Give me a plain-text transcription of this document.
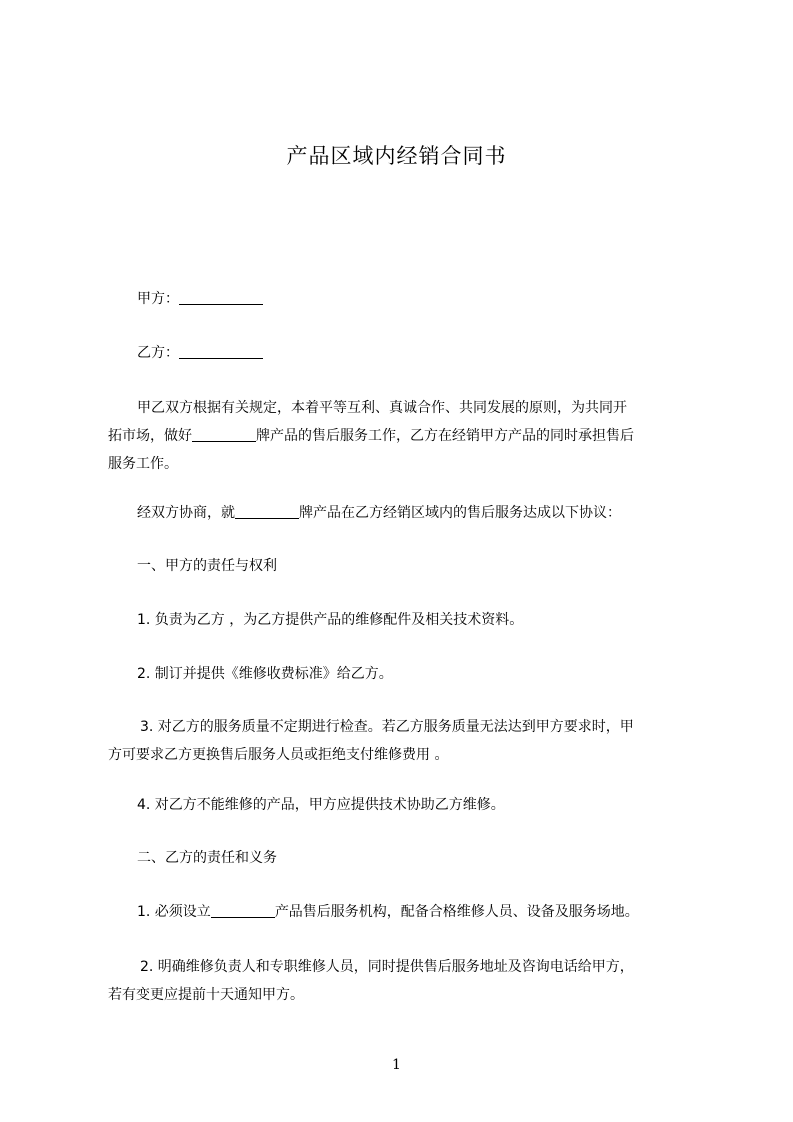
产品区域内经销合同书
甲方：
乙方：
甲乙双方根据有关规定，本着平等互利、真诚合作、共同发展的原则，为共同开
拓市场，做好	牌产品的售后服务工作，乙方在经销甲方产品的同时承担售后
服务工作。
经双方协商，就	牌产品在乙方经销区域内的售后服务达成以下协议：
一、甲方的责任与权利
1. 负责为乙方 ，为乙方提供产品的维修配件及相关技术资料。
2. 制订并提供《维修收费标准》给乙方。
3. 对乙方的服务质量不定期进行检查。若乙方服务质量无法达到甲方要求时，甲
方可要求乙方更换售后服务人员或拒绝支付维修费用 。
4. 对乙方不能维修的产品，甲方应提供技术协助乙方维修。
二、乙方的责任和义务
1. 必须设立	产品售后服务机构，配备合格维修人员、设备及服务场地。
2. 明确维修负责人和专职维修人员，同时提供售后服务地址及咨询电话给甲方，
若有变更应提前十天通知甲方。
1
